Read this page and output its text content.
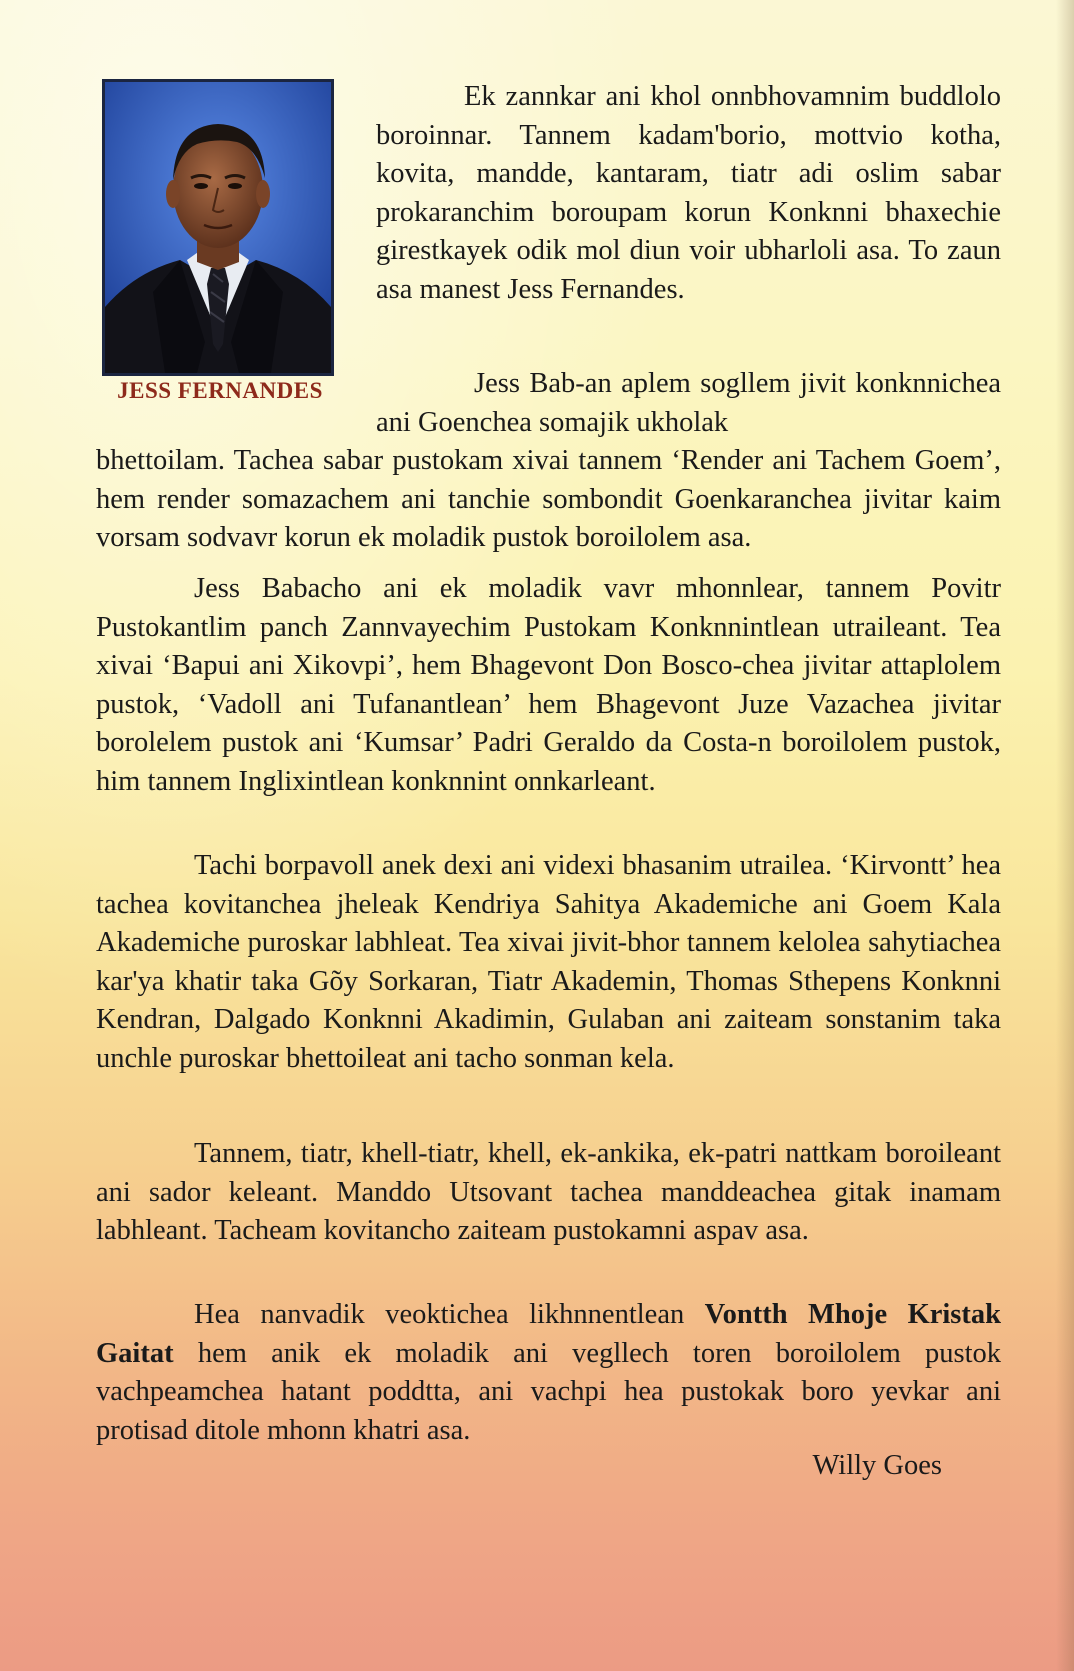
JESS FERNANDES

Ek zannkar ani khol onnbhovamnim buddlolo boroinnar. Tannem kadam'borio, mottvio kotha, kovita, mandde, kantaram, tiatr adi oslim sabar prokaranchim boroupam korun Konknni bhaxechie girestkayek odik mol diun voir ubharloli asa. To zaun asa manest Jess Fernandes.

Jess Bab-an aplem sogllem jivit konknnichea ani Goenchea somajik ukholak
bhettoilam. Tachea sabar pustokam xivai tannem ‘Render ani Tachem Goem’, hem render somazachem ani tanchie sombondit Goenkaranchea jivitar kaim vorsam sodvavr korun ek moladik pustok boroilolem asa.

Jess Babacho ani ek moladik vavr mhonnlear, tannem Povitr Pustokantlim panch Zannvayechim Pustokam Konknnintlean utraileant. Tea xivai ‘Bapui ani Xikovpi’, hem Bhagevont Don Bosco-chea jivitar attaplolem pustok, ‘Vadoll ani Tufanantlean’ hem Bhagevont Juze Vazachea jivitar borolelem pustok ani ‘Kumsar’ Padri Geraldo da Costa-n boroilolem pustok, him tannem Inglixintlean konknnint onnkarleant.

Tachi borpavoll anek dexi ani videxi bhasanim utrailea. ‘Kirvontt’ hea tachea kovitanchea jheleak Kendriya Sahitya Akademiche ani Goem Kala Akademiche puroskar labhleat. Tea xivai jivit-bhor tannem kelolea sahytiachea kar'ya khatir taka Gõy Sorkaran, Tiatr Akademin, Thomas Sthepens Konknni Kendran, Dalgado Konknni Akadimin, Gulaban ani zaiteam sonstanim taka unchle puroskar bhettoileat ani tacho sonman kela.

Tannem, tiatr, khell-tiatr, khell, ek-ankika, ek-patri nattkam boroileant ani sador keleant. Manddo Utsovant tachea manddeachea gitak inamam labhleant. Tacheam kovitancho zaiteam pustokamni aspav asa.

Hea nanvadik veoktichea likhnnentlean Vontth Mhoje Kristak Gaitat hem anik ek moladik ani vegllech toren boroilolem pustok vachpeamchea hatant poddtta, ani vachpi hea pustokak boro yevkar ani protisad ditole mhonn khatri asa.

Willy Goes
